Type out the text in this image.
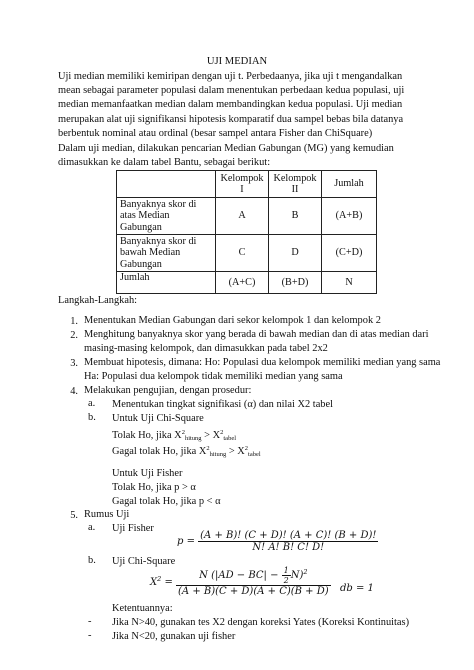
UJI MEDIAN
Uji median memiliki kemiripan dengan uji t. Perbedaanya, jika uji t mengandalkan mean sebagai parameter populasi dalam menentukan perbedaan kedua populasi, uji median memanfaatkan median dalam membandingkan kedua populasi. Uji median merupakan alat uji signifikansi hipotesis komparatif dua sampel bebas bila datanya berbentuk nominal atau ordinal (besar sampel antara Fisher dan ChiSquare)
Dalam uji median, dilakukan pencarian Median Gabungan (MG) yang kemudian dimasukkan ke dalam tabel Bantu, sebagai berikut:
	Kelompok I	Kelompok II	Jumlah
Banyaknya skor di atas Median Gabungan	A	B	(A+B)
Banyaknya skor di bawah Median Gabungan	C	D	(C+D)
Jumlah	(A+C)	(B+D)	N
Langkah-Langkah:
1. Menentukan Median Gabungan dari sekor kelompok 1 dan kelompok 2
2. Menghitung banyaknya skor yang berada di bawah median dan di atas median dari
masing-masing kelompok, dan dimasukkan pada tabel 2x2
3. Membuat hipotesis, dimana: Ho: Populasi dua kelompok memiliki median yang sama
Ha: Populasi dua kelompok tidak memiliki median yang sama
4. Melakukan pengujian, dengan prosedur:
a. Menentukan tingkat signifikasi (α) dan nilai X2 tabel
b. Untuk Uji Chi-Square
Tolak Ho, jika $X^2_{hitung} > X^2_{tabel}$
Gagal tolak Ho, jika $X^2_{hitung} > X^2_{tabel}$
Untuk Uji Fisher
Tolak Ho, jika p > α
Gagal tolak Ho, jika p < α
5. Rumus Uji
a. Uji Fisher
$p = \frac{(A + B)! (C + D)! (A + C)! (B + D)!}{N! A! B! C! D!}$
b. Uji Chi-Square
$X^2 = \frac{N (|AD - BC| - \frac{1}{2} N)^2}{(A + B)(C + D)(A + C)(B + D)}$ db = 1
Ketentuannya:
- Jika N>40, gunakan tes X2 dengan koreksi Yates (Koreksi Kontinuitas)
- Jika N<20, gunakan uji fisher
